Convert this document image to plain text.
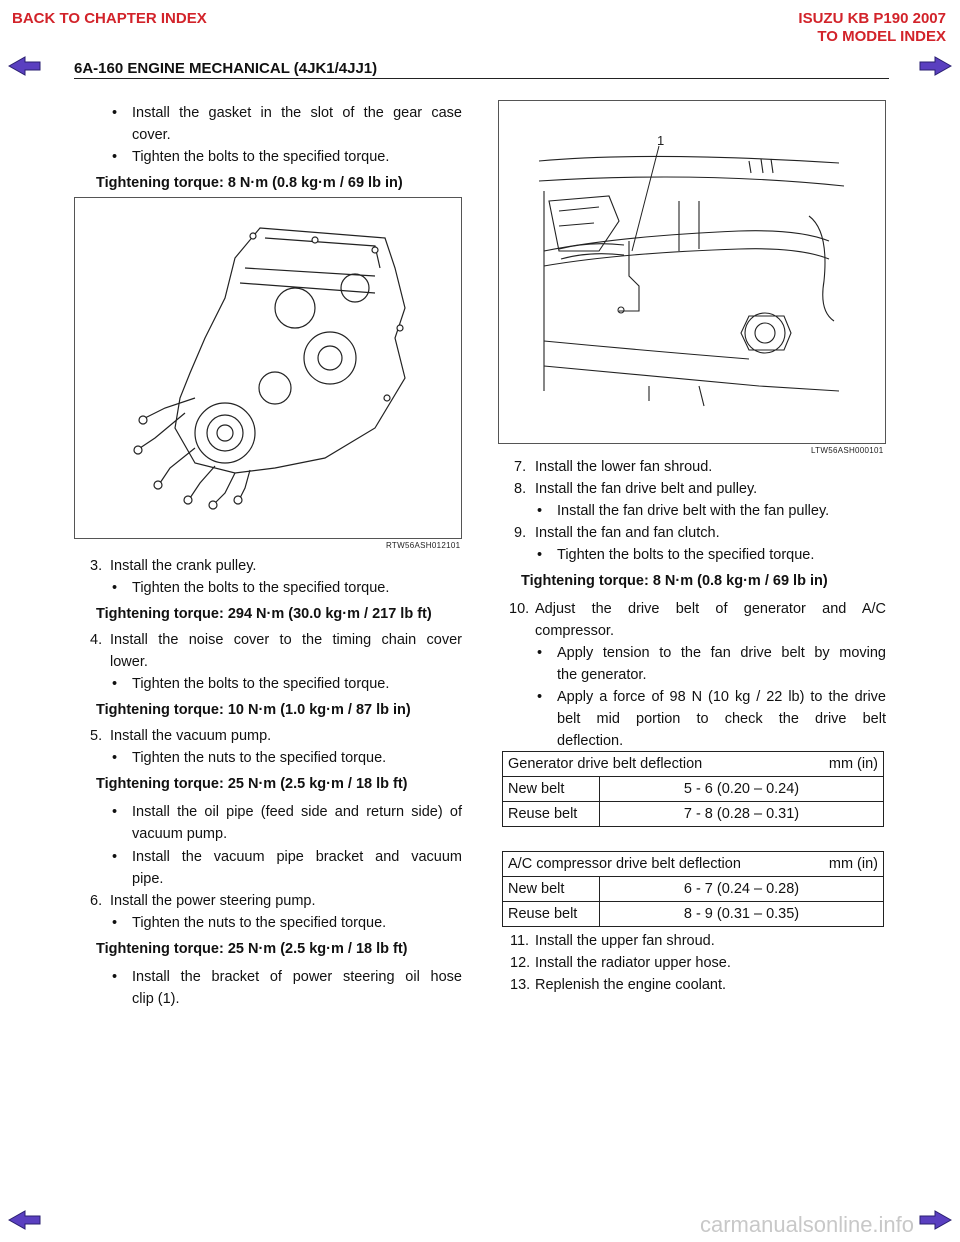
BACK TO CHAPTER INDEX	ISUZU KB P190 2007
TO MODEL INDEX
6A-160 ENGINE MECHANICAL (4JK1/4JJ1)
• Install the gasket in the slot of the gear case
cover.
• Tighten the bolts to the specified torque.
Tightening torque: 8 N·m (0.8 kg·m / 69 lb in)
RTW56ASH012101
3. Install the crank pulley.
• Tighten the bolts to the specified torque.
Tightening torque: 294 N·m (30.0 kg·m / 217 lb ft)
4. Install the noise cover to the timing chain cover
lower.
• Tighten the bolts to the specified torque.
Tightening torque: 10 N·m (1.0 kg·m / 87 lb in)
5. Install the vacuum pump.
• Tighten the nuts to the specified torque.
Tightening torque: 25 N·m (2.5 kg·m / 18 lb ft)
• Install the oil pipe (feed side and return side) of
vacuum pump.
• Install the vacuum pipe bracket and vacuum
pipe.
6. Install the power steering pump.
• Tighten the nuts to the specified torque.
Tightening torque: 25 N·m (2.5 kg·m / 18 lb ft)
• Install the bracket of power steering oil hose
clip (1).
1
LTW56ASH000101
7. Install the lower fan shroud.
8. Install the fan drive belt and pulley.
• Install the fan drive belt with the fan pulley.
9. Install the fan and fan clutch.
• Tighten the bolts to the specified torque.
Tightening torque: 8 N·m (0.8 kg·m / 69 lb in)
10. Adjust the drive belt of generator and A/C
compressor.
• Apply tension to the fan drive belt by moving
the generator.
• Apply a force of 98 N (10 kg / 22 lb) to the drive
belt mid portion to check the drive belt
deflection.
Generator drive belt deflection mm (in)	

New belt	5 - 6 (0.20 – 0.24)
Reuse belt	7 - 8 (0.28 – 0.31)
A/C compressor drive belt deflection mm (in)	

New belt	6 - 7 (0.24 – 0.28)
Reuse belt	8 - 9 (0.31 – 0.35)
11. Install the upper fan shroud.
12. Install the radiator upper hose.
13. Replenish the engine coolant.
carmanualsonline.info
